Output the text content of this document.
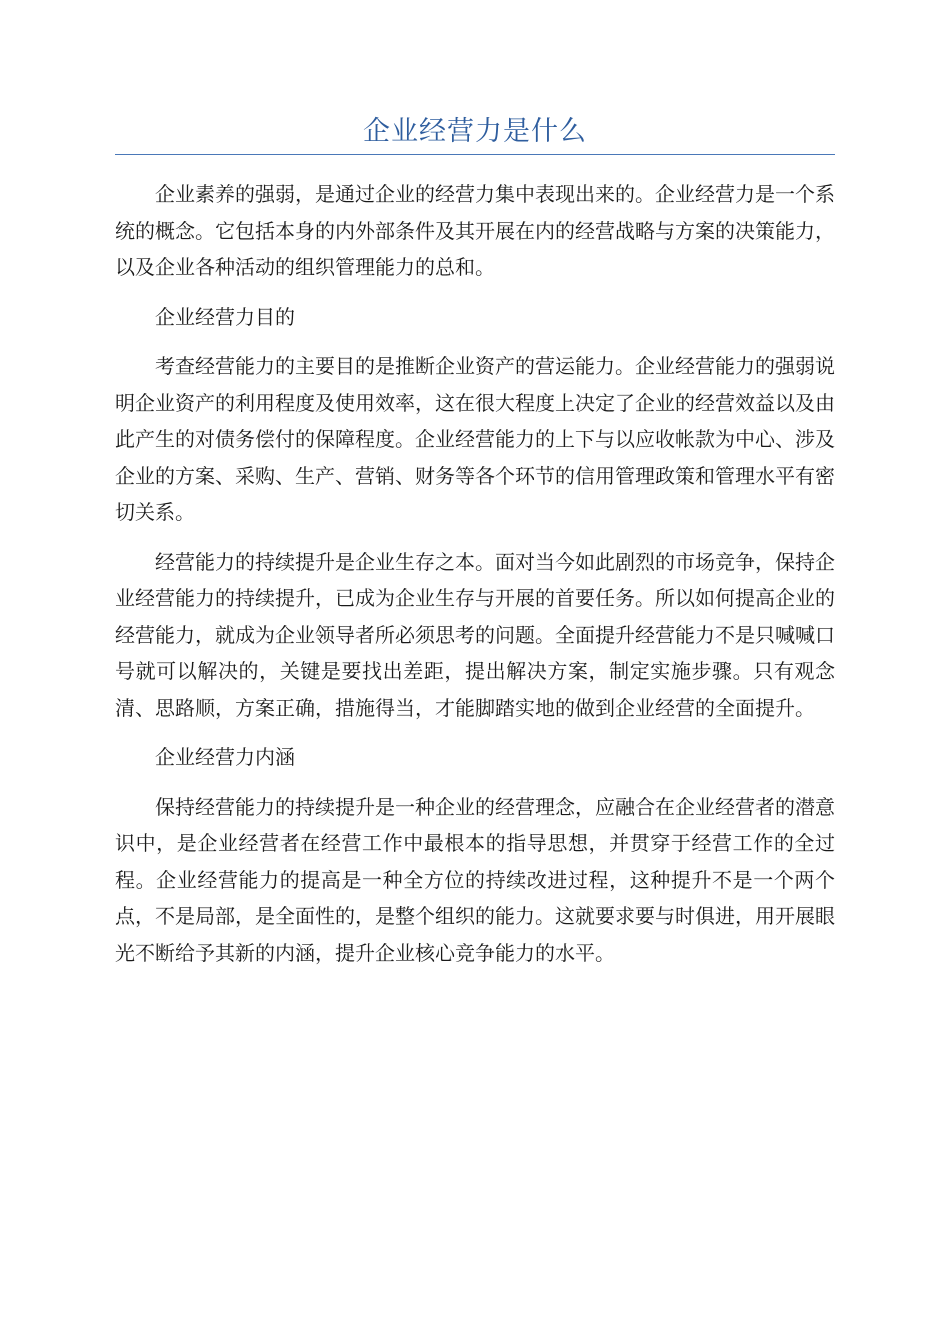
企业经营力是什么

企业素养的强弱，是通过企业的经营力集中表现出来的。企业经营力是一个系统的概念。它包括本身的内外部条件及其开展在内的经营战略与方案的决策能力，以及企业各种活动的组织管理能力的总和。

企业经营力目的

考查经营能力的主要目的是推断企业资产的营运能力。企业经营能力的强弱说明企业资产的利用程度及使用效率，这在很大程度上决定了企业的经营效益以及由此产生的对债务偿付的保障程度。企业经营能力的上下与以应收帐款为中心、涉及企业的方案、采购、生产、营销、财务等各个环节的信用管理政策和管理水平有密切关系。

经营能力的持续提升是企业生存之本。面对当今如此剧烈的市场竞争，保持企业经营能力的持续提升，已成为企业生存与开展的首要任务。所以如何提高企业的经营能力，就成为企业领导者所必须思考的问题。全面提升经营能力不是只喊喊口号就可以解决的，关键是要找出差距，提出解决方案，制定实施步骤。只有观念清、思路顺，方案正确，措施得当，才能脚踏实地的做到企业经营的全面提升。

企业经营力内涵

保持经营能力的持续提升是一种企业的经营理念，应融合在企业经营者的潜意识中，是企业经营者在经营工作中最根本的指导思想，并贯穿于经营工作的全过程。企业经营能力的提高是一种全方位的持续改进过程，这种提升不是一个两个点，不是局部，是全面性的，是整个组织的能力。这就要求要与时俱进，用开展眼光不断给予其新的内涵，提升企业核心竞争能力的水平。
